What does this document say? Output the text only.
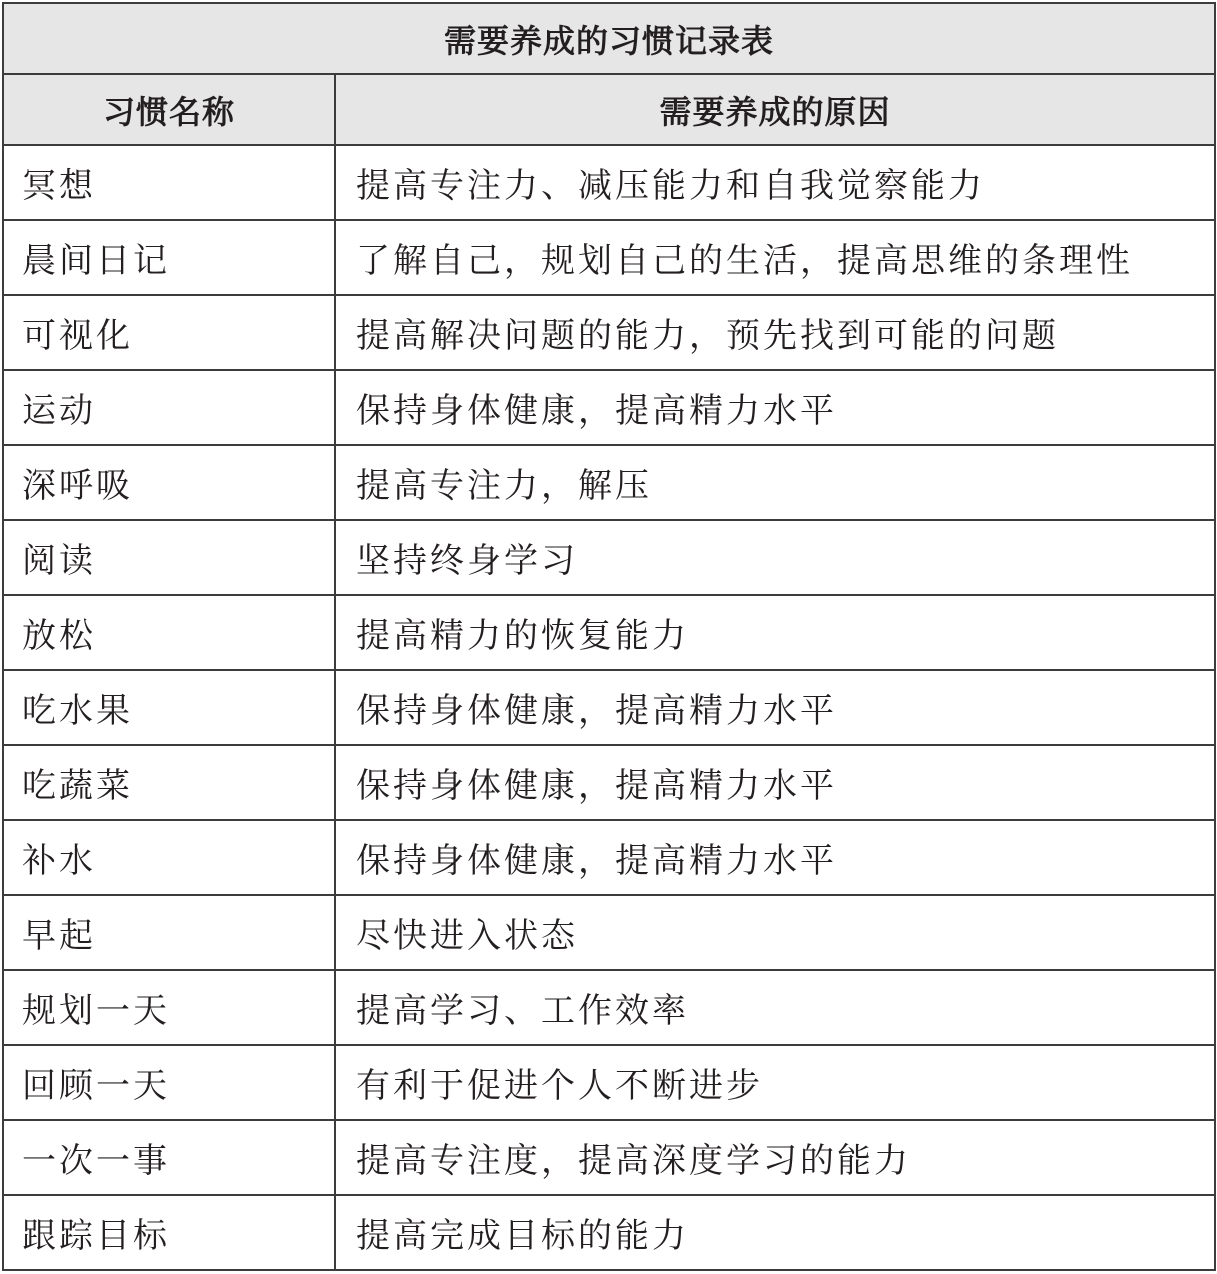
需要养成的习惯记录表	
习惯名称	需要养成的原因
冥想	提高专注力、减压能力和自我觉察能力
晨间日记	了解自己，规划自己的生活，提高思维的条理性
可视化	提高解决问题的能力，预先找到可能的问题
运动	保持身体健康，提高精力水平
深呼吸	提高专注力，解压
阅读	坚持终身学习
放松	提高精力的恢复能力
吃水果	保持身体健康，提高精力水平
吃蔬菜	保持身体健康，提高精力水平
补水	保持身体健康，提高精力水平
早起	尽快进入状态
规划一天	提高学习、工作效率
回顾一天	有利于促进个人不断进步
一次一事	提高专注度，提高深度学习的能力
跟踪目标	提高完成目标的能力
